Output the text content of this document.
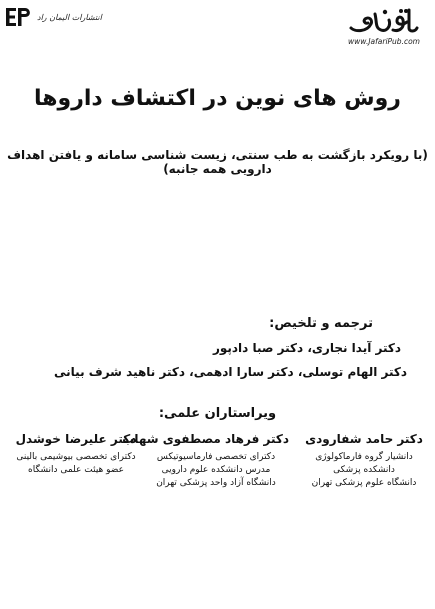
انتشارات الیمان راد
www.JafariPub.com
روش های نوین در اکتشاف داروها
(با رویکرد بازگشت به طب سنتی، زیست شناسی سامانه و یافتن اهداف دارویی همه جانبه)
ترجمه و تلخیص:
دکتر آیدا نجاری، دکتر صبا دادپور
دکتر الهام توسلی، دکتر سارا ادهمی، دکتر ناهید شرف بیانی
ویراستاران علمی:
دکتر حامد شفارودی
دانشیار گروه فارماکولوژی
دانشکده پزشکی
دانشگاه علوم پزشکی تهران
دکتر فرهاد مصطفوی شهاب
دکترای تخصصی فارماسیوتیکس
مدرس دانشکده علوم دارویی
دانشگاه آزاد واحد پزشکی تهران
دکتر علیرضا خوشدل
دکترای تخصصی بیوشیمی بالینی
عضو هیئت علمی دانشگاه
